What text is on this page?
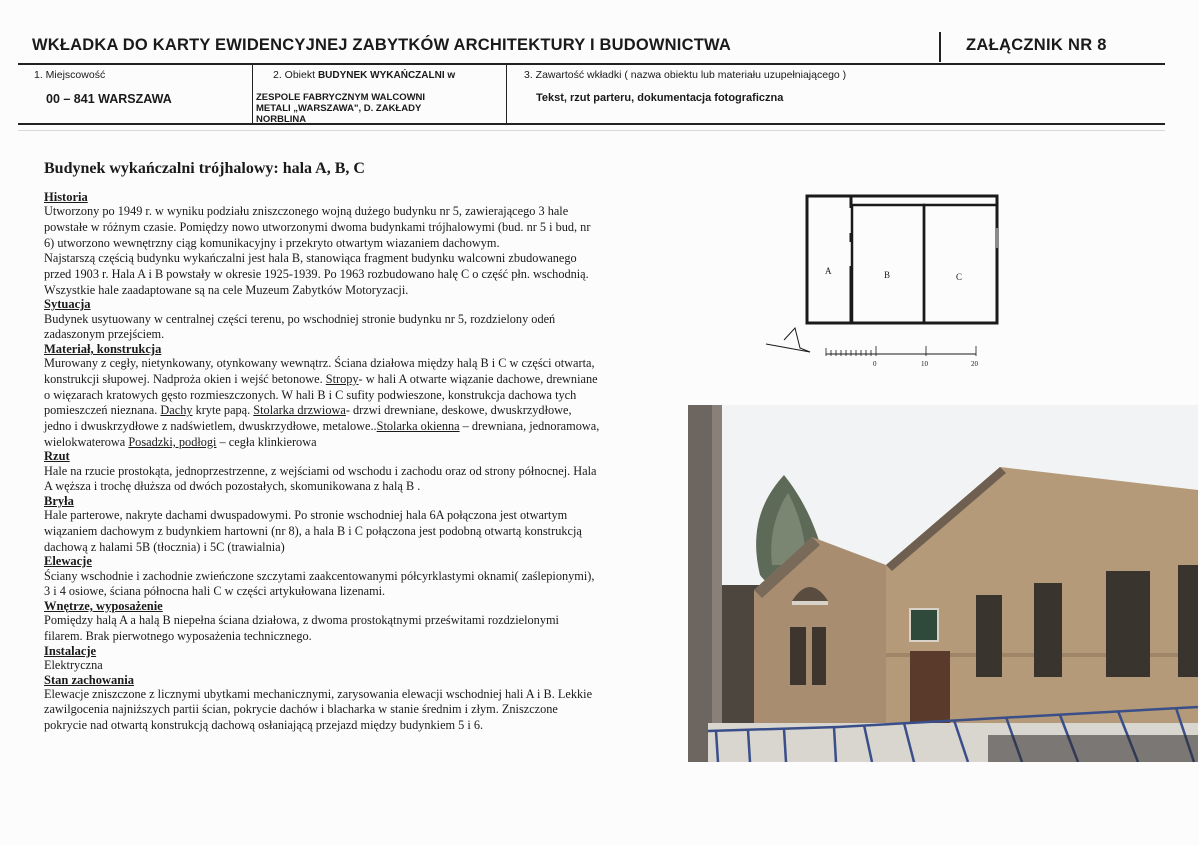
WKŁADKA DO KARTY EWIDENCYJNEJ ZABYTKÓW ARCHITEKTURY I BUDOWNICTWA	ZAŁĄCZNIK NR 8
1. Miejscowość
00 – 841 WARSZAWA
2. Obiekt BUDYNEK WYKAŃCZALNI w
ZESPOLE FABRYCZNYM WALCOWNI
METALI „WARSZAWA", D. ZAKŁADY
NORBLINA
3. Zawartość wkładki ( nazwa obiektu lub materiału uzupełniającego )
Tekst, rzut parteru, dokumentacja fotograficzna
Budynek wykańczalni trójhalowy: hala A, B, C
Historia
Utworzony po 1949 r. w wyniku podziału zniszczonego wojną dużego budynku nr 5, zawierającego 3 hale
powstałe w różnym czasie. Pomiędzy nowo utworzonymi dwoma budynkami trójhalowymi (bud. nr 5 i bud, nr
6) utworzono wewnętrzny ciąg komunikacyjny i przekryto otwartym wiazaniem dachowym.
Najstarszą częścią budynku wykańczalni jest hala B, stanowiąca fragment budynku walcowni zbudowanego
przed 1903 r. Hala A i B powstały w okresie 1925-1939. Po 1963 rozbudowano halę C o część płn. wschodnią.
Wszystkie hale zaadaptowane są na cele Muzeum Zabytków Motoryzacji.
Sytuacja
Budynek usytuowany w centralnej części terenu, po wschodniej stronie budynku nr 5, rozdzielony odeń
zadaszonym przejściem.
Materiał, konstrukcja
Murowany z cegły, nietynkowany, otynkowany wewnątrz. Ściana działowa między halą B i C w części otwarta,
konstrukcji słupowej. Nadproża okien i wejść betonowe. Stropy- w hali A otwarte wiązanie dachowe, drewniane
o więzarach kratowych gęsto rozmieszczonych. W hali B i C sufity podwieszone, konstrukcja dachowa tych
pomieszczeń nieznana. Dachy kryte papą. Stolarka drzwiowa- drzwi drewniane, deskowe, dwuskrzydłowe,
jedno i dwuskrzydłowe z nadświetlem, dwuskrzydłowe, metalowe..Stolarka okienna – drewniana, jednoramowa,
wielokwaterowa Posadzki, podłogi – cegła klinkierowa
Rzut
Hale na rzucie prostokąta, jednoprzestrzenne, z wejściami od wschodu i zachodu oraz od strony północnej. Hala
A węższa i trochę dłuższa od dwóch pozostałych, skomunikowana z halą B .
Bryła
Hale parterowe, nakryte dachami dwuspadowymi. Po stronie wschodniej hala 6A połączona jest otwartym
wiązaniem dachowym z budynkiem hartowni (nr 8), a hala B i C połączona jest podobną otwartą konstrukcją
dachową z halami 5B (tłocznia) i 5C (trawialnia)
Elewacje
Ściany wschodnie i zachodnie zwieńczone szczytami zaakcentowanymi półcyrklastymi oknami( zaślepionymi),
3 i 4 osiowe, ściana północna hali C w części artykułowana lizenami.
Wnętrze, wyposażenie
Pomiędzy halą A a halą B niepełna ściana działowa, z dwoma prostokątnymi prześwitami rozdzielonymi
filarem. Brak pierwotnego wyposażenia technicznego.
Instalacje
Elektryczna
Stan zachowania
Elewacje zniszczone z licznymi ubytkami mechanicznymi, zarysowania elewacji wschodniej hali A i B. Lekkie
zawilgocenia najniższych partii ścian, pokrycie dachów i blacharka w stanie średnim i złym. Zniszczone
pokrycie nad otwartą konstrukcją dachową osłaniającą przejazd między budynkiem 5 i 6.
A	B	C
0	10	20
